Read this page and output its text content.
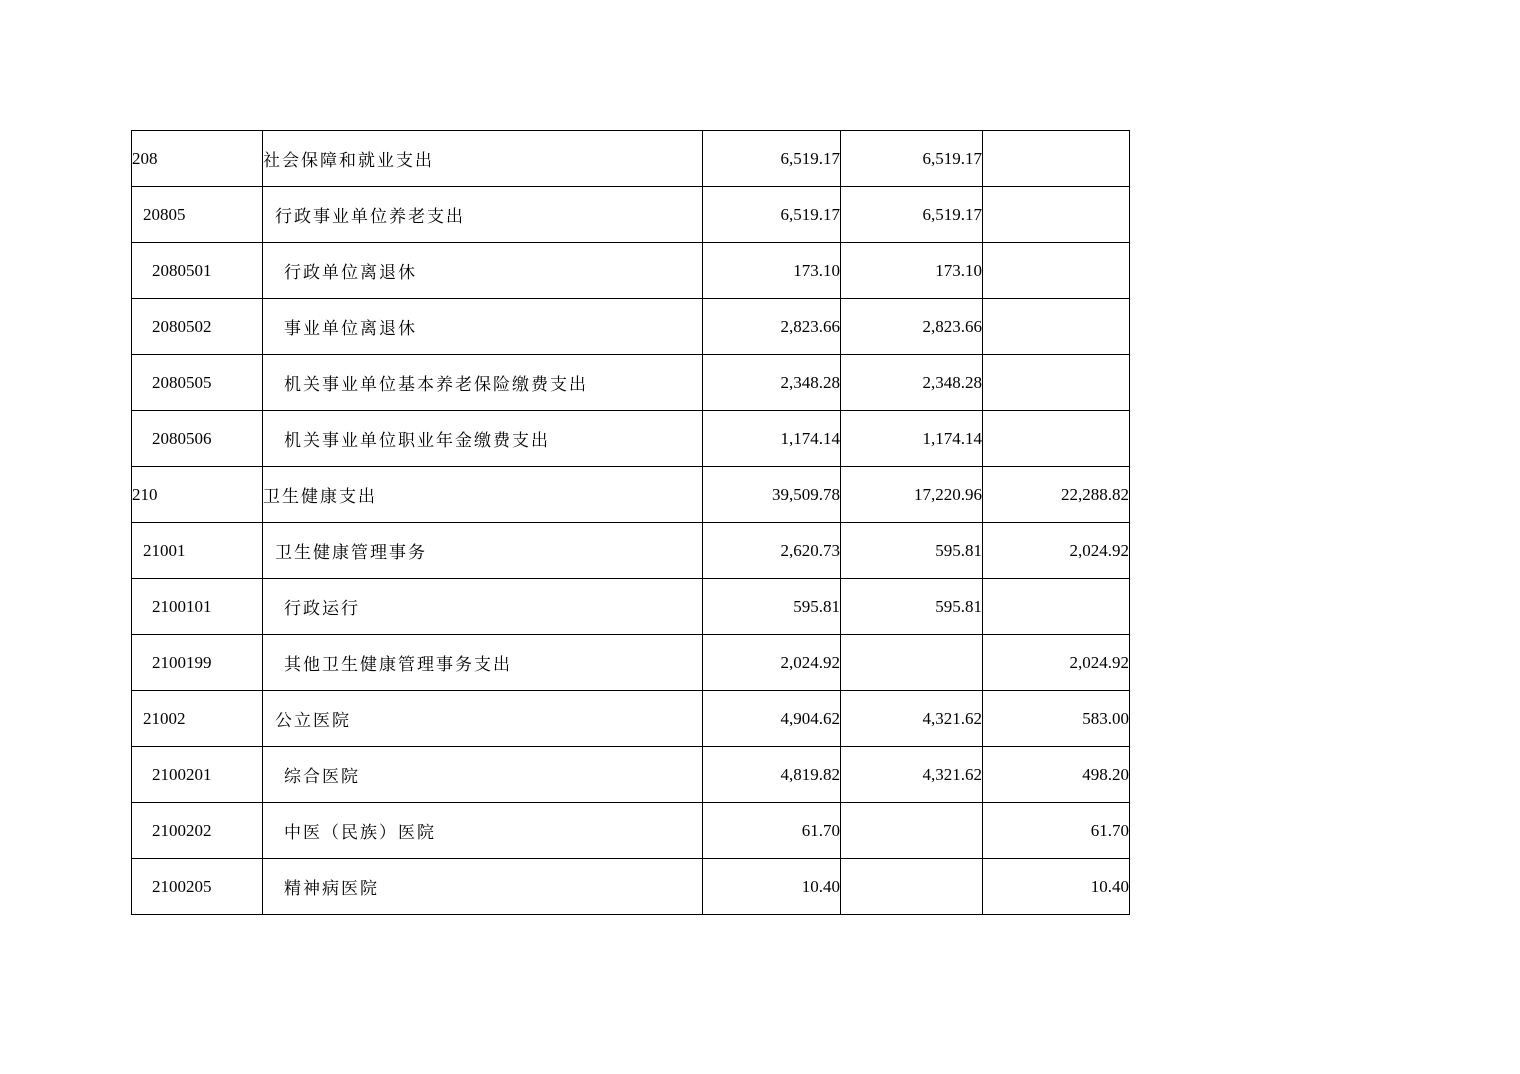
208	社会保障和就业支出	6,519.17	6,519.17	
20805	行政事业单位养老支出	6,519.17	6,519.17	
2080501	行政单位离退休	173.10	173.10	
2080502	事业单位离退休	2,823.66	2,823.66	
2080505	机关事业单位基本养老保险缴费支出	2,348.28	2,348.28	
2080506	机关事业单位职业年金缴费支出	1,174.14	1,174.14	
210	卫生健康支出	39,509.78	17,220.96	22,288.82
21001	卫生健康管理事务	2,620.73	595.81	2,024.92
2100101	行政运行	595.81	595.81	
2100199	其他卫生健康管理事务支出	2,024.92		2,024.92
21002	公立医院	4,904.62	4,321.62	583.00
2100201	综合医院	4,819.82	4,321.62	498.20
2100202	中医（民族）医院	61.70		61.70
2100205	精神病医院	10.40		10.40
